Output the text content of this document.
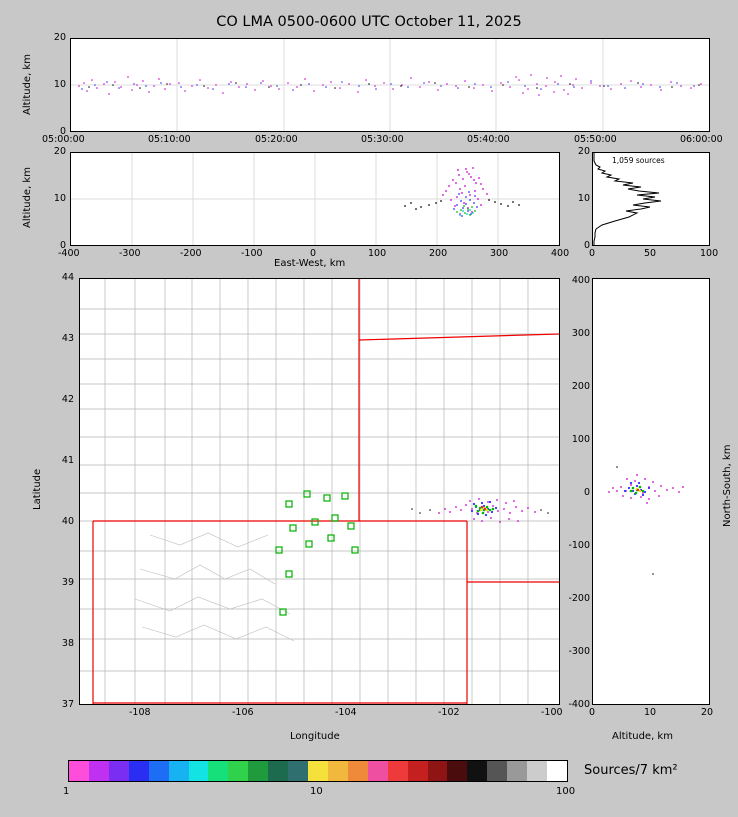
CO LMA 0500-0600 UTC October 11, 2025
Altitude, km
0
10
20
05:00:00	05:10:00	05:20:00	05:30:00	05:40:00	05:50:00	06:00:00
Altitude, km
0
10
20
-400	-300	-200	-100	0	100	200	300	400
East-West, km
1,059 sources
0
10
20
0	50	100
Latitude
37
38
39
40
41
42
43
44
-108	-106	-104	-102	-100
Longitude
-400
-300
-200
-100
0
100
200
300
400
0	10	20
Altitude, km
North-South, km
1	10	100
Sources/7 km²
